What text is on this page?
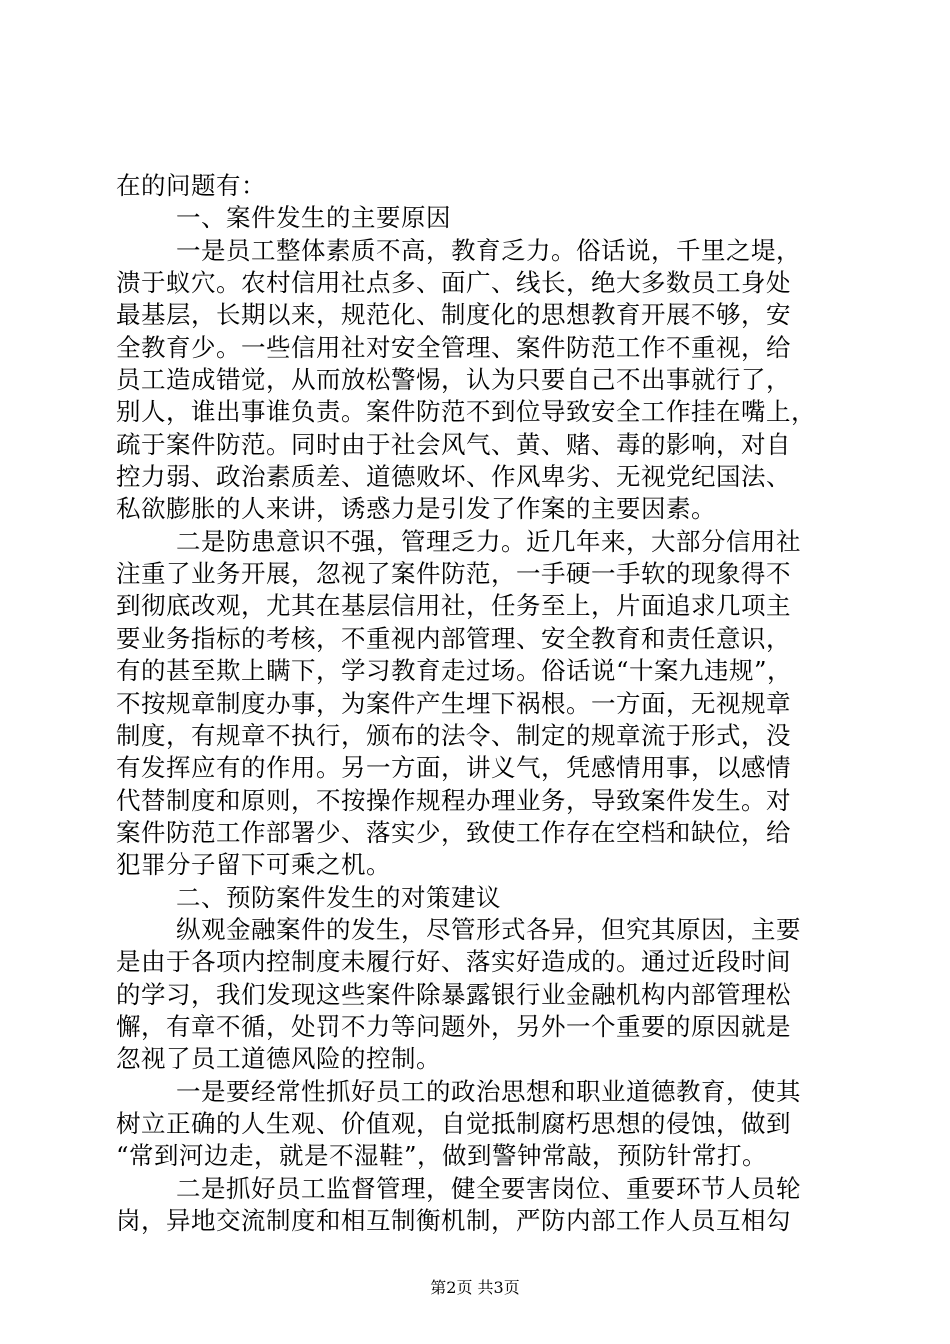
在的问题有：
一、案件发生的主要原因
一是员工整体素质不高，教育乏力。俗话说，千里之堤，
溃于蚁穴。农村信用社点多、面广、线长，绝大多数员工身处
最基层，长期以来，规范化、制度化的思想教育开展不够，安
全教育少。一些信用社对安全管理、案件防范工作不重视，给
员工造成错觉，从而放松警惕，认为只要自己不出事就行了，
别人，谁出事谁负责。案件防范不到位导致安全工作挂在嘴上，
疏于案件防范。同时由于社会风气、黄、赌、毒的影响，对自
控力弱、政治素质差、道德败坏、作风卑劣、无视党纪国法、
私欲膨胀的人来讲，诱惑力是引发了作案的主要因素。
二是防患意识不强，管理乏力。近几年来，大部分信用社
注重了业务开展，忽视了案件防范，一手硬一手软的现象得不
到彻底改观，尤其在基层信用社，任务至上，片面追求几项主
要业务指标的考核，不重视内部管理、安全教育和责任意识，
有的甚至欺上瞒下，学习教育走过场。俗话说“十案九违规”，
不按规章制度办事，为案件产生埋下祸根。一方面，无视规章
制度，有规章不执行，颁布的法令、制定的规章流于形式，没
有发挥应有的作用。另一方面，讲义气，凭感情用事，以感情
代替制度和原则，不按操作规程办理业务，导致案件发生。对
案件防范工作部署少、落实少，致使工作存在空档和缺位，给
犯罪分子留下可乘之机。
二、预防案件发生的对策建议
纵观金融案件的发生，尽管形式各异，但究其原因，主要
是由于各项内控制度未履行好、落实好造成的。通过近段时间
的学习，我们发现这些案件除暴露银行业金融机构内部管理松
懈，有章不循，处罚不力等问题外，另外一个重要的原因就是
忽视了员工道德风险的控制。
一是要经常性抓好员工的政治思想和职业道德教育，使其
树立正确的人生观、价值观，自觉抵制腐朽思想的侵蚀，做到
“常到河边走，就是不湿鞋”，做到警钟常敲，预防针常打。
二是抓好员工监督管理，健全要害岗位、重要环节人员轮
岗，异地交流制度和相互制衡机制，严防内部工作人员互相勾
第2页 共3页
